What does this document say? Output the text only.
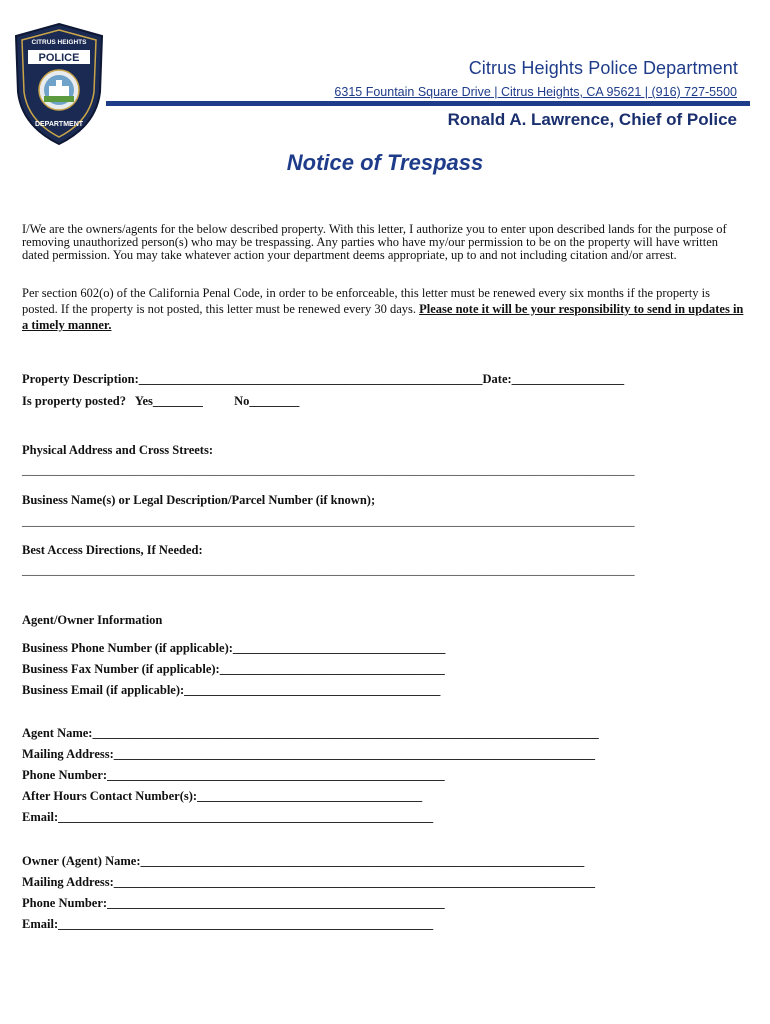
POLICE
CITRUS HEIGHTS
DEPARTMENT
Citrus Heights Police Department
6315 Fountain Square Drive | Citrus Heights, CA 95621 | (916) 727-5500
Ronald A. Lawrence, Chief of Police
Notice of Trespass
I/We are the owners/agents for the below described property. With this letter, I authorize you to enter upon described lands for the purpose of removing unauthorized person(s) who may be trespassing. Any parties who have my/our permission to be on the property will have written dated permission. You may take whatever action your department deems appropriate, up to and not including citation and/or arrest.
Per section 602(o) of the California Penal Code, in order to be enforceable, this letter must be renewed every six months if the property is posted. If the property is not posted, this letter must be renewed every 30 days. Please note it will be your responsibility to send in updates in a timely manner.
Property Description:_______________________________________________________Date:__________________
Is property posted?   Yes________          No________
Physical Address and Cross Streets:
__________________________________________________________________________________________________
Business Name(s) or Legal Description/Parcel Number (if known);
__________________________________________________________________________________________________
Best Access Directions, If Needed:
__________________________________________________________________________________________________
Agent/Owner Information
Business Phone Number (if applicable):__________________________________
Business Fax Number (if applicable):____________________________________
Business Email (if applicable):_________________________________________
Agent Name:_________________________________________________________________________________
Mailing Address:_____________________________________________________________________________
Phone Number:______________________________________________________
After Hours Contact Number(s):____________________________________
Email:____________________________________________________________
Owner (Agent) Name:_______________________________________________________________________
Mailing Address:_____________________________________________________________________________
Phone Number:______________________________________________________
Email:____________________________________________________________
